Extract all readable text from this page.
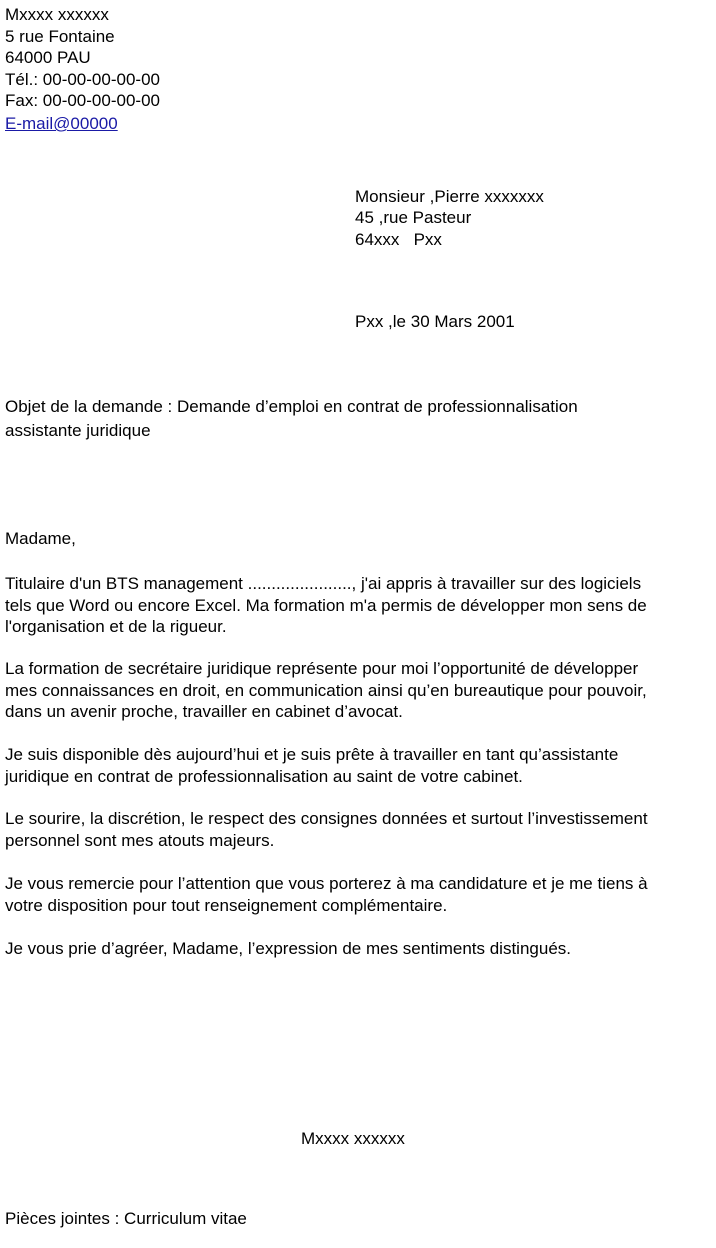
Mxxxx xxxxxx
5 rue Fontaine
64000 PAU
Tél.: 00-00-00-00-00
Fax: 00-00-00-00-00
E-mail@00000
Monsieur ,Pierre xxxxxxx
45 ,rue Pasteur
64xxx   Pxx
Pxx ,le 30 Mars 2001
Objet de la demande : Demande d’emploi en contrat de professionnalisation
assistante juridique
Madame,
Titulaire d'un BTS management ......................, j'ai appris à travailler sur des logiciels
tels que Word ou encore Excel. Ma formation m'a permis de développer mon sens de
l'organisation et de la rigueur.
La formation de secrétaire juridique représente pour moi l’opportunité de développer
mes connaissances en droit, en communication ainsi qu’en bureautique pour pouvoir,
dans un avenir proche, travailler en cabinet d’avocat.
Je suis disponible dès aujourd’hui et je suis prête à travailler en tant qu’assistante
juridique en contrat de professionnalisation au saint de votre cabinet.
Le sourire, la discrétion, le respect des consignes données et surtout l’investissement
personnel sont mes atouts majeurs.
Je vous remercie pour l’attention que vous porterez à ma candidature et je me tiens à
votre disposition pour tout renseignement complémentaire.
Je vous prie d’agréer, Madame, l’expression de mes sentiments distingués.
Mxxxx xxxxxx
Pièces jointes : Curriculum vitae
